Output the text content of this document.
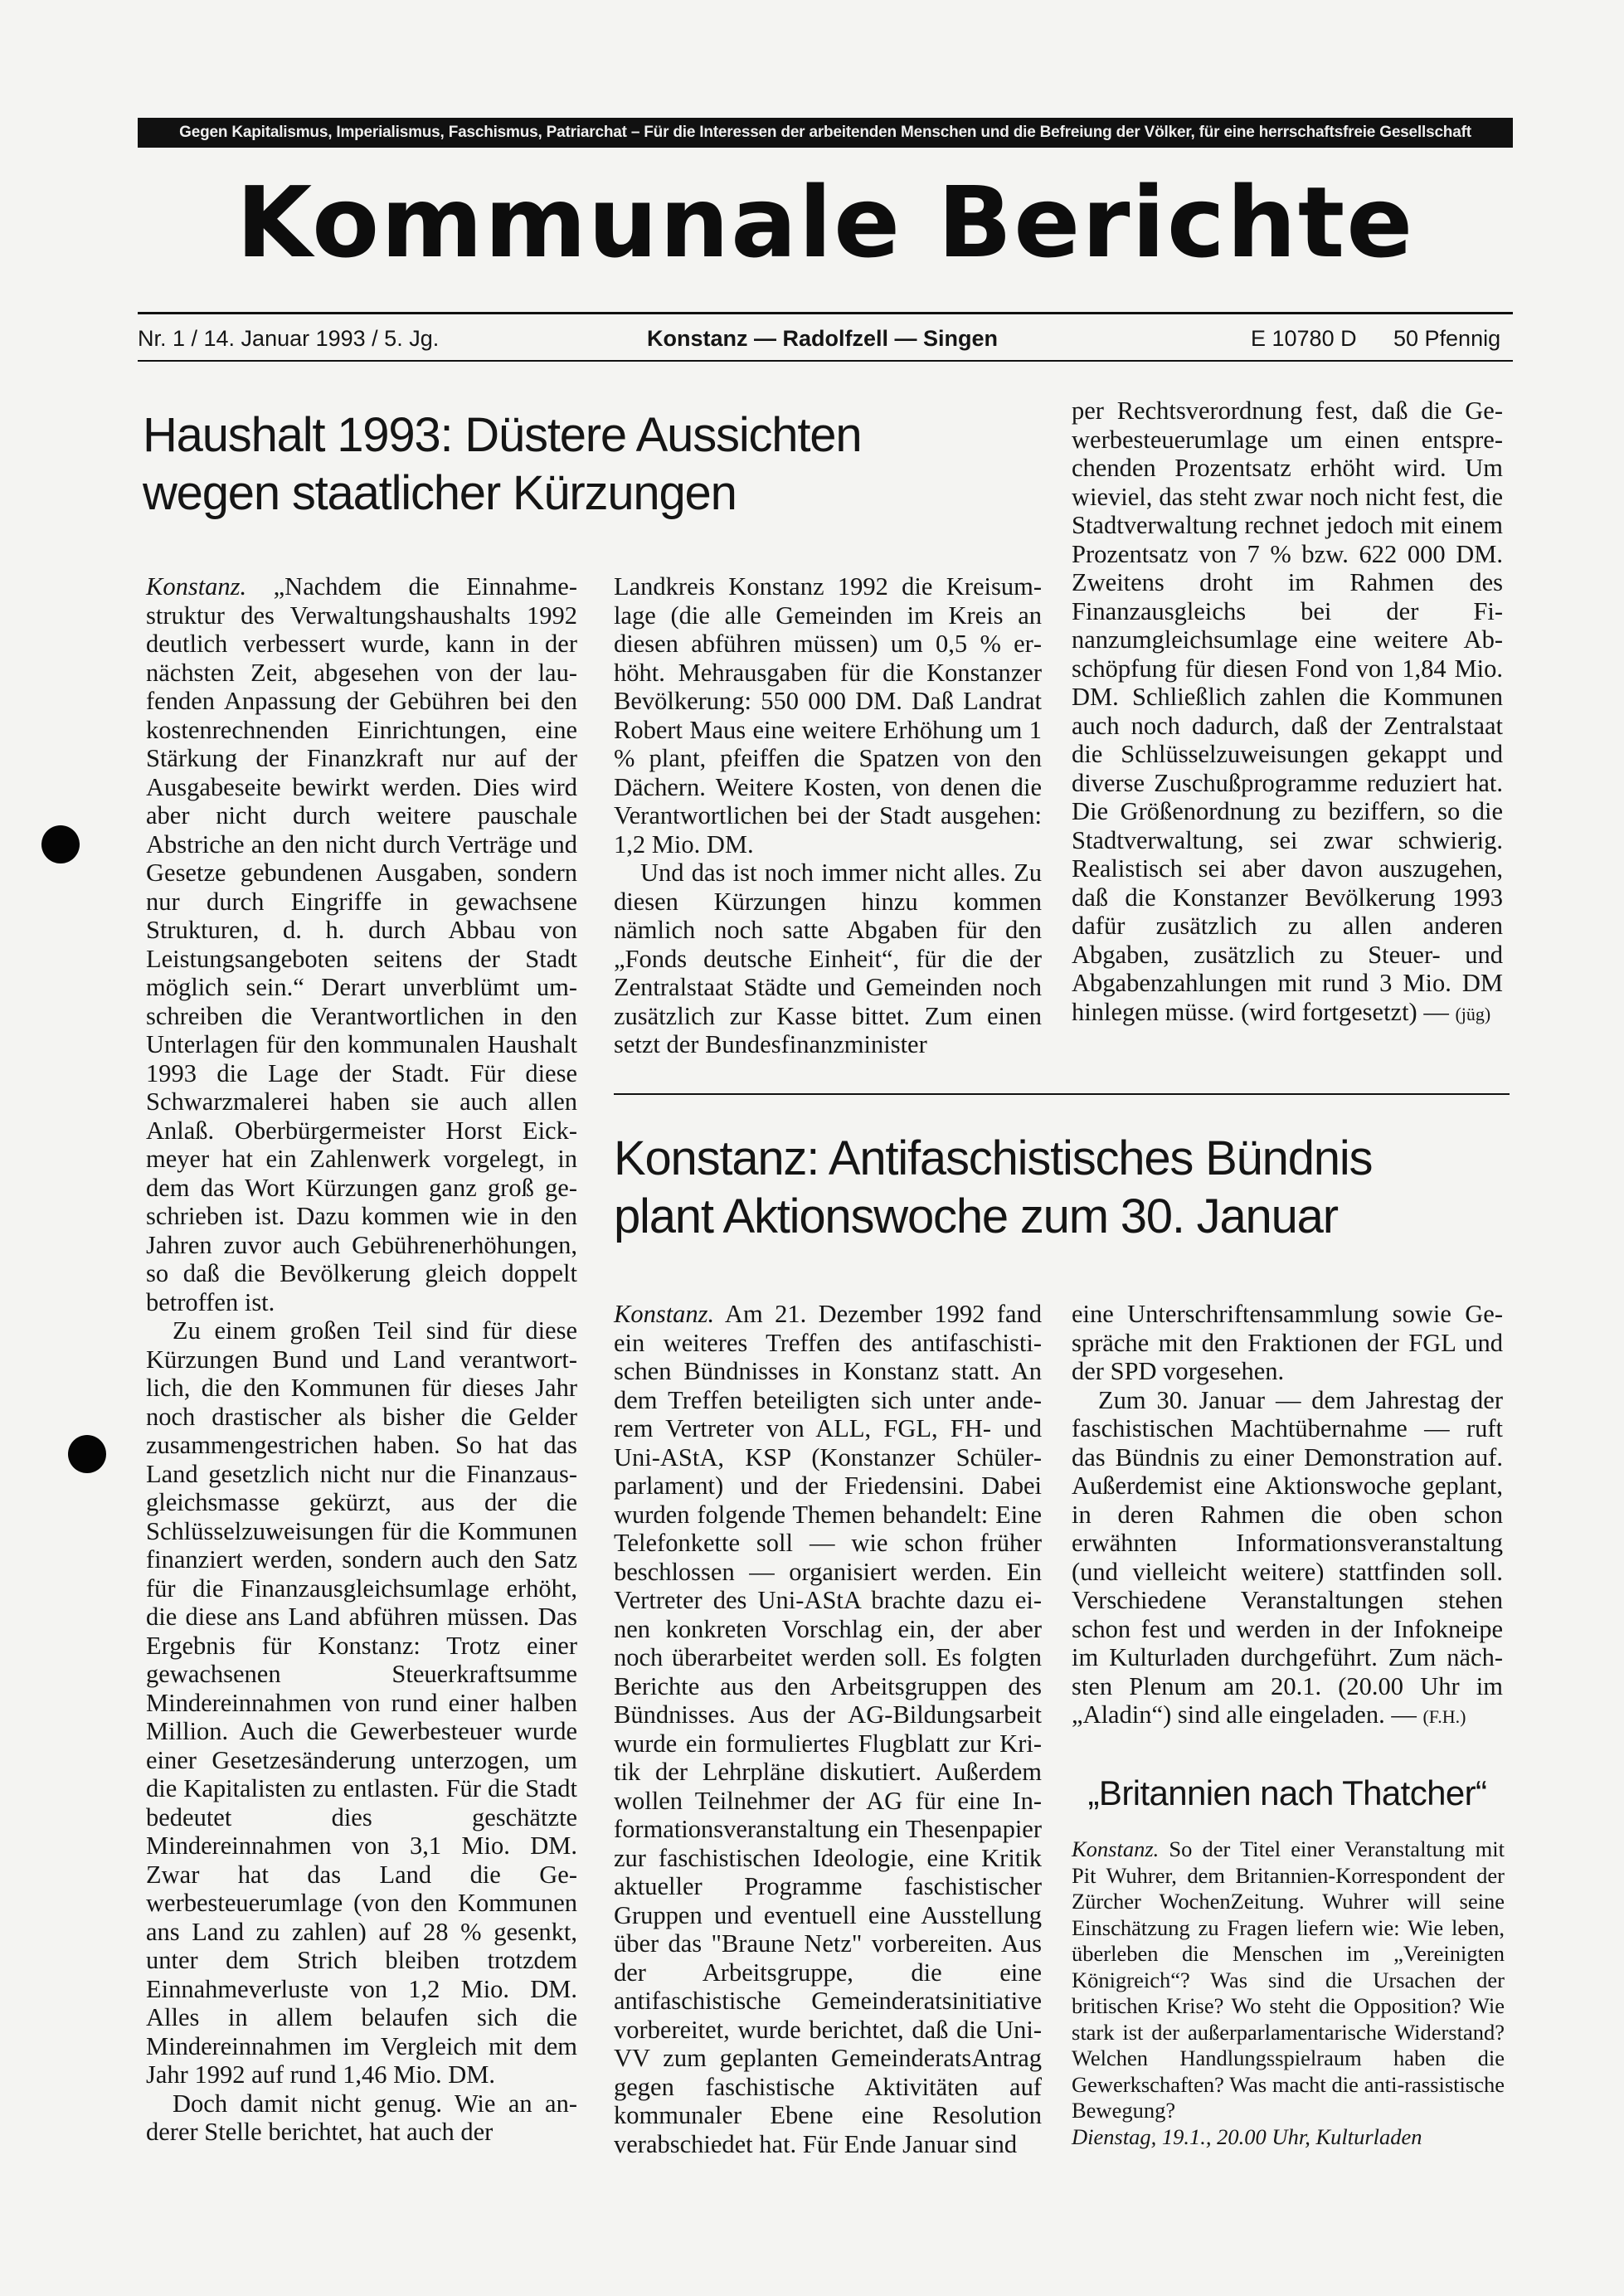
Gegen Kapitalismus, Imperialismus, Faschismus, Patriarchat – Für die Interessen der arbeitenden Menschen und die Befreiung der Völker, für eine herrschaftsfreie Gesellschaft
Kommunale Berichte
Nr. 1 / 14. Januar 1993 / 5. Jg.	Konstanz — Radolfzell — Singen	E 10780 D 50 Pfennig
Haushalt 1993: Düstere Aussichten
wegen staatlicher Kürzungen

Konstanz. „Nachdem die Einnahmestruktur des Verwaltungshaushalts 1992 deutlich verbessert wurde, kann in der nächsten Zeit, abgesehen von der laufenden Anpassung der Gebühren bei den kostenrechnenden Einrichtungen, eine Stärkung der Finanzkraft nur auf der Ausgabeseite bewirkt werden. Dies wird aber nicht durch weitere pauschale Abstriche an den nicht durch Verträge und Gesetze gebundenen Ausgaben, sondern nur durch Eingriffe in gewachsene Strukturen, d. h. durch Abbau von Leistungsangeboten seitens der Stadt möglich sein.“ Derart unverblümt umschreiben die Verantwortlichen in den Unterlagen für den kommunalen Haushalt 1993 die Lage der Stadt. Für diese Schwarzmalerei haben sie auch allen Anlaß. Oberbürgermeister Horst Eickmeyer hat ein Zahlenwerk vorgelegt, in dem das Wort Kürzungen ganz groß geschrieben ist. Dazu kommen wie in den Jahren zuvor auch Gebührenerhöhungen, so daß die Bevölkerung gleich doppelt betroffen ist.

Zu einem großen Teil sind für diese Kürzungen Bund und Land verantwortlich, die den Kommunen für dieses Jahr noch drastischer als bisher die Gelder zusammengestrichen haben. So hat das Land gesetzlich nicht nur die Finanzausgleichsmasse gekürzt, aus der die Schlüsselzuweisungen für die Kommunen finanziert werden, sondern auch den Satz für die Finanzausgleichsumlage erhöht, die diese ans Land abführen müssen. Das Ergebnis für Konstanz: Trotz einer gewachsenen Steuerkraftsumme Mindereinnahmen von rund einer halben Million. Auch die Gewerbesteuer wurde einer Gesetzesänderung unterzogen, um die Kapitalisten zu entlasten. Für die Stadt bedeutet dies geschätzte Mindereinnahmen von 3,1 Mio. DM. Zwar hat das Land die Gewerbesteuerumlage (von den Kommunen ans Land zu zahlen) auf 28 % gesenkt, unter dem Strich bleiben trotzdem Einnahmeverluste von 1,2 Mio. DM. Alles in allem belaufen sich die Mindereinnahmen im Vergleich mit dem Jahr 1992 auf rund 1,46 Mio. DM.

Doch damit nicht genug. Wie an anderer Stelle berichtet, hat auch der

Landkreis Konstanz 1992 die Kreisumlage (die alle Gemeinden im Kreis an diesen abführen müssen) um 0,5 % erhöht. Mehrausgaben für die Konstanzer Bevölkerung: 550 000 DM. Daß Landrat Robert Maus eine weitere Erhöhung um 1 % plant, pfeiffen die Spatzen von den Dächern. Weitere Kosten, von denen die Verantwortlichen bei der Stadt ausgehen: 1,2 Mio. DM.

Und das ist noch immer nicht alles. Zu diesen Kürzungen hinzu kommen nämlich noch satte Abgaben für den „Fonds deutsche Einheit“, für die der Zentralstaat Städte und Gemeinden noch zusätzlich zur Kasse bittet. Zum einen setzt der Bundesfinanzminister

per Rechtsverordnung fest, daß die Gewerbesteuerumlage um einen entsprechenden Prozentsatz erhöht wird. Um wieviel, das steht zwar noch nicht fest, die Stadtverwaltung rechnet jedoch mit einem Prozentsatz von 7 % bzw. 622 000 DM. Zweitens droht im Rahmen des Finanzausgleichs bei der Finanzumgleichsumlage eine weitere Abschöpfung für diesen Fond von 1,84 Mio. DM. Schließlich zahlen die Kommunen auch noch dadurch, daß der Zentralstaat die Schlüsselzuweisungen gekappt und diverse Zuschußprogramme reduziert hat. Die Größenordnung zu beziffern, so die Stadtverwaltung, sei zwar schwierig. Realistisch sei aber davon auszugehen, daß die Konstanzer Bevölkerung 1993 dafür zusätzlich zu allen anderen Abgaben, zusätzlich zu Steuer- und Abgabenzahlungen mit rund 3 Mio. DM hinlegen müsse. (wird fortgesetzt) — (jüg)

Konstanz: Antifaschistisches Bündnis
plant Aktionswoche zum 30. Januar

Konstanz. Am 21. Dezember 1992 fand ein weiteres Treffen des antifaschistischen Bündnisses in Konstanz statt. An dem Treffen beteiligten sich unter anderem Vertreter von ALL, FGL, FH- und Uni-AStA, KSP (Konstanzer Schülerparlament) und der Friedensini. Dabei wurden folgende Themen behandelt: Eine Telefonkette soll — wie schon früher beschlossen — organisiert werden. Ein Vertreter des Uni-AStA brachte dazu einen konkreten Vorschlag ein, der aber noch überarbeitet werden soll. Es folgten Berichte aus den Arbeitsgruppen des Bündnisses. Aus der AG-Bildungsarbeit wurde ein formuliertes Flugblatt zur Kritik der Lehrpläne diskutiert. Außerdem wollen Teilnehmer der AG für eine Informationsveranstaltung ein Thesenpapier zur faschistischen Ideologie, eine Kritik aktueller Programme faschistischer Gruppen und eventuell eine Ausstellung über das "Braune Netz" vorbereiten. Aus der Arbeitsgruppe, die eine antifaschistische Gemeinderatsinitiative vorbereitet, wurde berichtet, daß die Uni-VV zum geplanten GemeinderatsAntrag gegen faschistische Aktivitäten auf kommunaler Ebene eine Resolution verabschiedet hat. Für Ende Januar sind

eine Unterschriftensammlung sowie Gespräche mit den Fraktionen der FGL und der SPD vorgesehen.

Zum 30. Januar — dem Jahrestag der faschistischen Machtübernahme — ruft das Bündnis zu einer Demonstration auf. Außerdemist eine Aktionswoche geplant, in deren Rahmen die oben schon erwähnten Informationsveranstaltung (und vielleicht weitere) stattfinden soll. Verschiedene Veranstaltungen stehen schon fest und werden in der Infokneipe im Kulturladen durchgeführt. Zum nächsten Plenum am 20.1. (20.00 Uhr im „Aladin“) sind alle eingeladen. — (F.H.)

„Britannien nach Thatcher“

Konstanz. So der Titel einer Veranstaltung mit Pit Wuhrer, dem Britannien-Korrespondent der Zürcher WochenZeitung. Wuhrer will seine Einschätzung zu Fragen liefern wie: Wie leben, überleben die Menschen im „Vereinigten Königreich“? Was sind die Ursachen der britischen Krise? Wo steht die Opposition? Wie stark ist der außerparlamentarische Widerstand? Welchen Handlungsspielraum haben die Gewerkschaften? Was macht die anti-rassistische Bewegung?

Dienstag, 19.1., 20.00 Uhr, Kulturladen
